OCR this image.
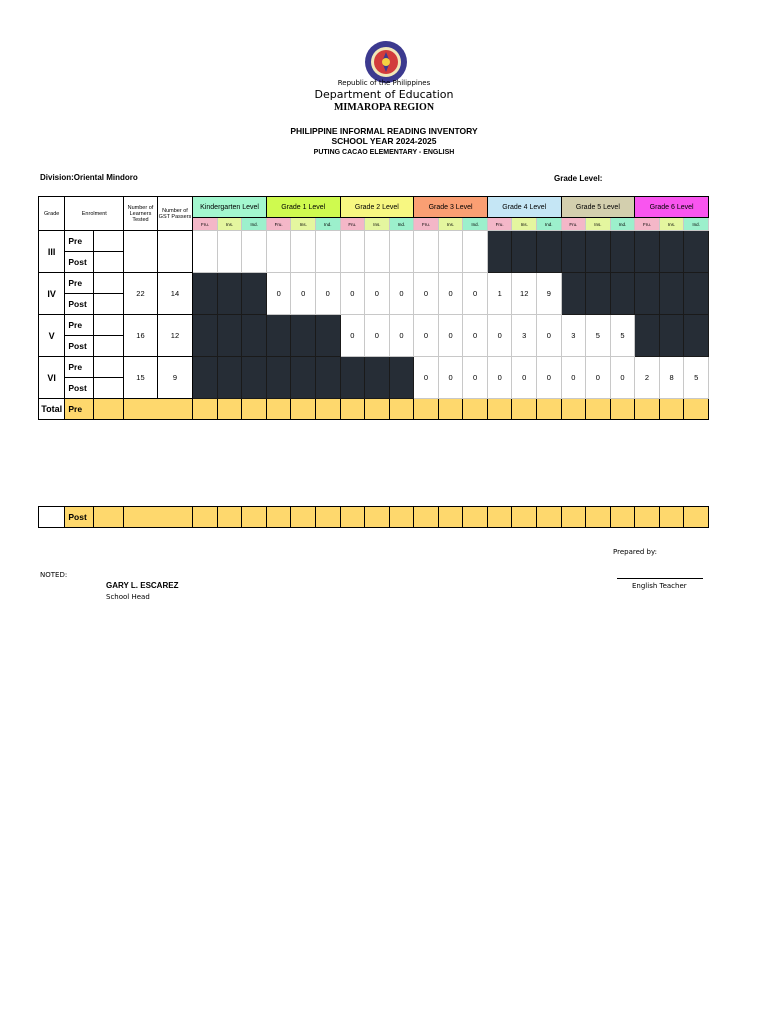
Republic of the Philippines
Department of Education
MIMAROPA REGION
PHILIPPINE INFORMAL READING INVENTORY
SCHOOL YEAR 2024-2025
PUTING CACAO ELEMENTARY - ENGLISH
Division:Oriental Mindoro	Grade Level:
Grade	Enrolment		Number of Learners Tested	Number of GST Passers	Kindergarten Level			Grade 1 Level			Grade 2 Level			Grade 3 Level			Grade 4 Level			Grade 5 Level			Grade 6 Level		
					Fru.	Ins.	Ind.	Fru.	Ins.	Ind.	Fru.	Ins.	Ind.	Fru.	Ins.	Ind.	Fru.	Ins.	Ind.	Fru.	Ins.	Ind.	Fru.	Ins.	Ind.
III	Pre																								
	Post																								
IV	Pre		22	14				0	0	0	0	0	0	0	0	0	1	12	9						
	Post																								
V	Pre		16	12							0	0	0	0	0	0	0	3	0	3	5	5			
	Post																								
VI	Pre		15	9										0	0	0	0	0	0	0	0	0	2	8	5
	Post																								
Total	Pre																								
	Post																							
Prepared by:
NOTED:
GARY L. ESCAREZ
School Head
English Teacher
